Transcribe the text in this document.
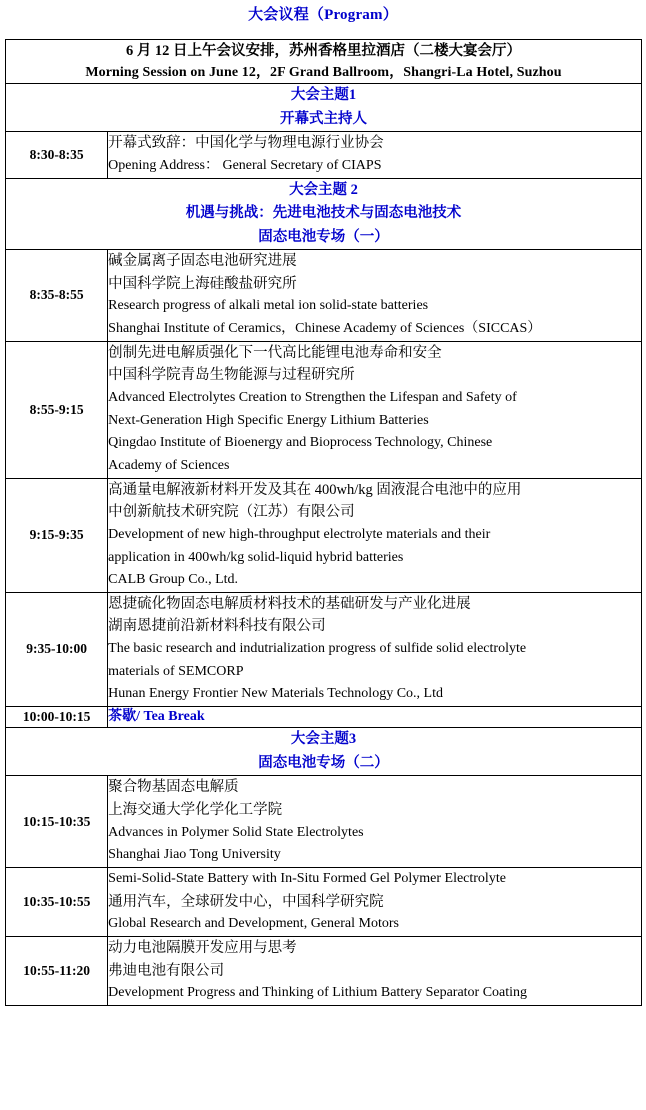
大会议程（Program）
6 月 12 日上午会议安排，苏州香格里拉酒店（二楼大宴会厅）
Morning Session on June 12，2F Grand Ballroom，Shangri-La Hotel, Suzhou	

大会主题1
开幕式主持人	

8:30-8:35	开幕式致辞：中国化学与物理电源行业协会
Opening Address： General Secretary of CIAPS

大会主题 2
机遇与挑战：先进电池技术与固态电池技术
固态电池专场（一）	

8:35-8:55	碱金属离子固态电池研究进展
中国科学院上海硅酸盐研究所
Research progress of alkali metal ion solid-state batteries
Shanghai Institute of Ceramics，Chinese Academy of Sciences（SICCAS）

8:55-9:15	
创制先进电解质强化下一代高比能锂电池寿命和安全
中国科学院青岛生物能源与过程研究所
Advanced Electrolytes Creation to Strengthen the Lifespan and Safety of
Next-Generation High Specific Energy Lithium Batteries
Qingdao Institute of Bioenergy and Bioprocess Technology, Chinese
Academy of Sciences

9:15-9:35	高通量电解液新材料开发及其在 400wh/kg 固液混合电池中的应用
中创新航技术研究院（江苏）有限公司
Development of new high-throughput electrolyte materials and their
application in 400wh/kg solid-liquid hybrid batteries
CALB Group Co., Ltd.

9:35-10:00	恩捷硫化物固态电解质材料技术的基础研发与产业化进展
湖南恩捷前沿新材料科技有限公司
The basic research and indutrialization progress of sulfide solid electrolyte
materials of SEMCORP
Hunan Energy Frontier New Materials Technology Co., Ltd

10:00-10:15	茶歇/ Tea Break

大会主题3
固态电池专场（二）	

10:15-10:35	聚合物基固态电解质
上海交通大学化学化工学院
Advances in Polymer Solid State Electrolytes
Shanghai Jiao Tong University

10:35-10:55	Semi-Solid-State Battery with In-Situ Formed Gel Polymer Electrolyte
通用汽车，全球研发中心，中国科学研究院
Global Research and Development, General Motors

10:55-11:20	动力电池隔膜开发应用与思考
弗迪电池有限公司
Development Progress and Thinking of Lithium Battery Separator Coating
